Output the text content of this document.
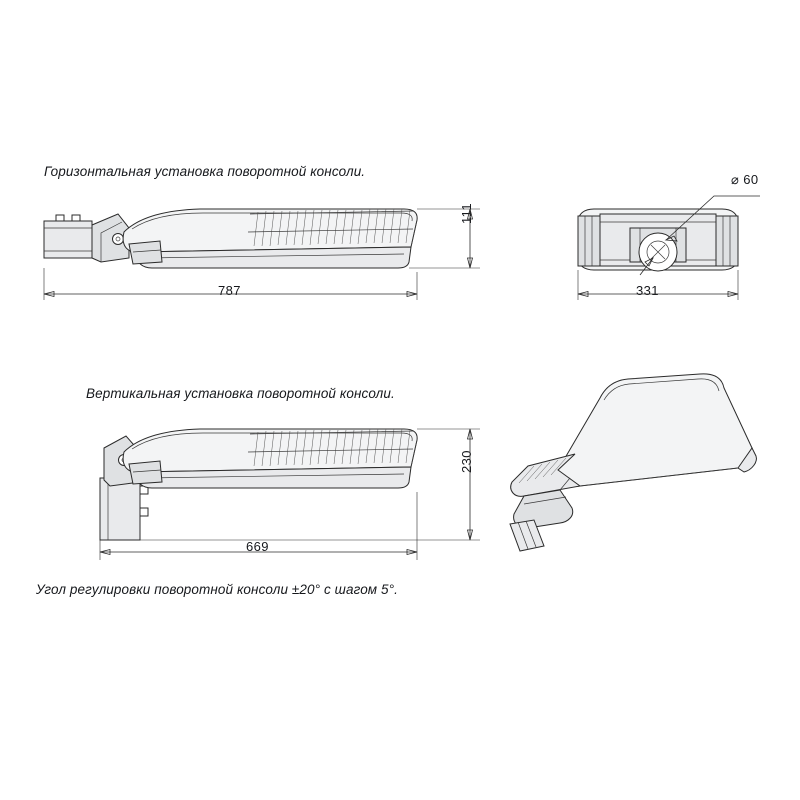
Горизонтальная установка поворотной консоли.
Вертикальная установка поворотной консоли.
Угол регулировки поворотной консоли ±20° с шагом 5°.
787
111
331
⌀ 60
669
230
